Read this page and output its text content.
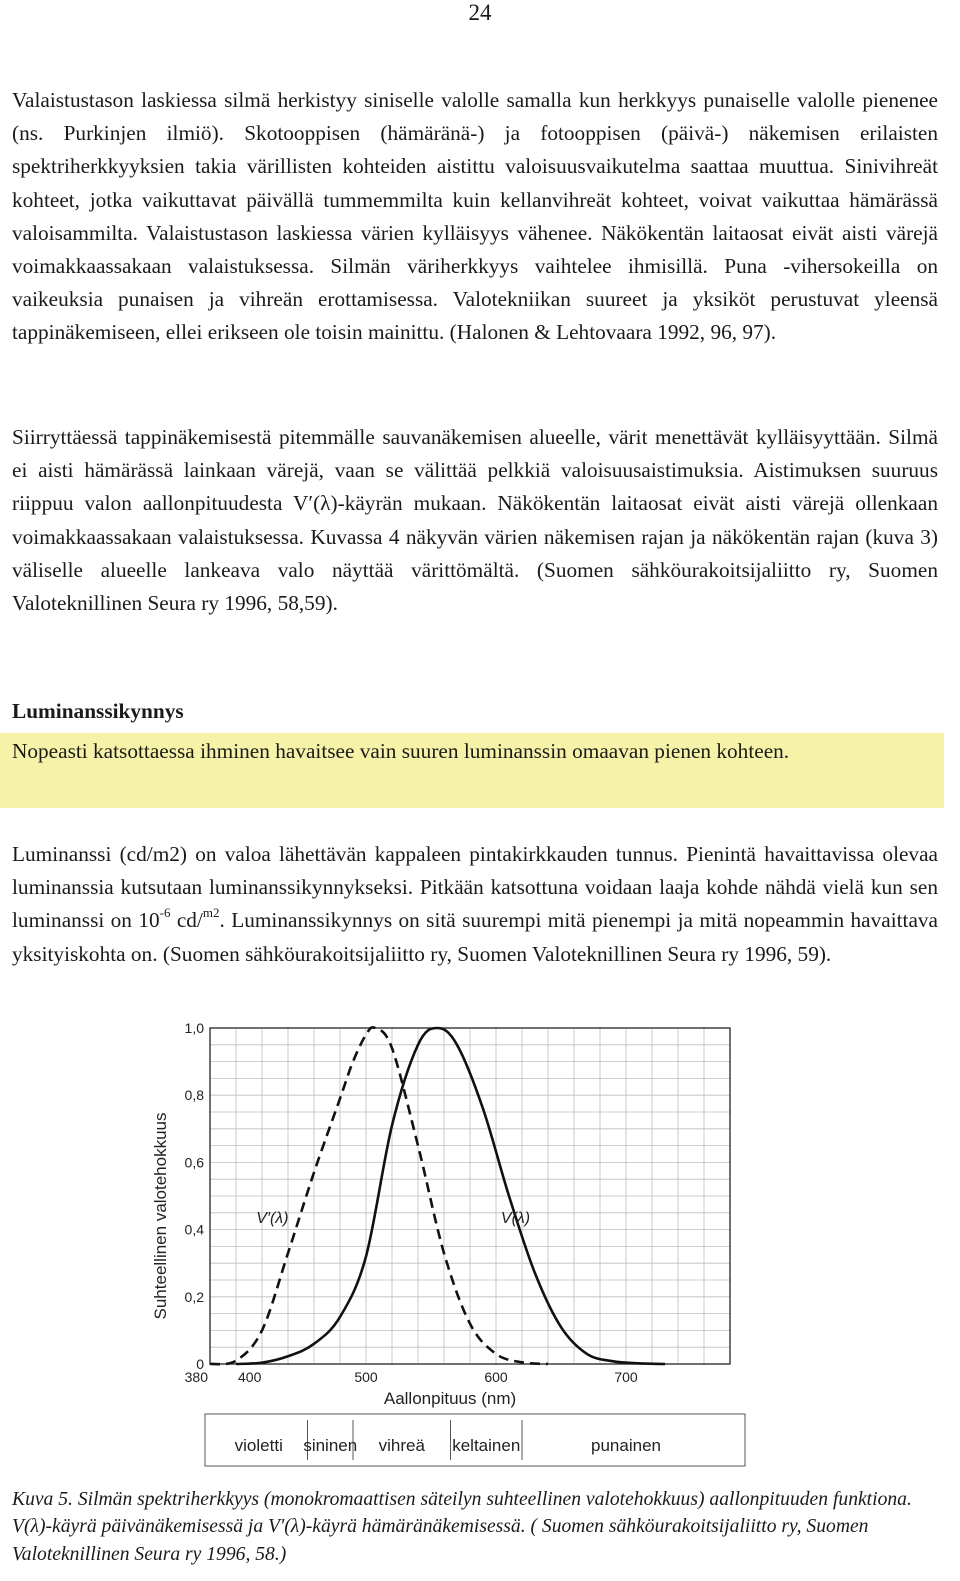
24

Valaistustason laskiessa silmä herkistyy siniselle valolle samalla kun herkkyys punaiselle valolle pienenee (ns. Purkinjen ilmiö). Skotooppisen (hämäränä-) ja fotooppisen (päivä-) näkemisen erilaisten spektriherkkyyksien takia värillisten kohteiden aistittu valoisuusvaikutelma saattaa muuttua. Sinivihreät kohteet, jotka vaikuttavat päivällä tummemmilta kuin kellanvihreät kohteet, voivat vaikuttaa hämärässä valoisammilta. Valaistustason laskiessa värien kylläisyys vähenee. Näkökentän laitaosat eivät aisti värejä voimakkaassakaan valaistuksessa. Silmän väriherkkyys vaihtelee ihmisillä. Puna -vihersokeilla on vaikeuksia punaisen ja vihreän erottamisessa. Valotekniikan suureet ja yksiköt perustuvat yleensä tappinäkemiseen, ellei erikseen ole toisin mainittu. (Halonen & Lehtovaara 1992, 96, 97).

Siirryttäessä tappinäkemisestä pitemmälle sauvanäkemisen alueelle, värit menettävät kylläisyyttään. Silmä ei aisti hämärässä lainkaan värejä, vaan se välittää pelkkiä valoisuusaistimuksia. Aistimuksen suuruus riippuu valon aallonpituudesta V′(λ)-käyrän mukaan. Näkökentän laitaosat eivät aisti värejä ollenkaan voimakkaassakaan valaistuksessa. Kuvassa 4 näkyvän värien näkemisen rajan ja näkökentän rajan (kuva 3) väliselle alueelle lankeava valo näyttää värittömältä. (Suomen sähköurakoitsijaliitto ry, Suomen Valoteknillinen Seura ry 1996, 58,59).

Luminanssikynnys

Nopeasti katsottaessa ihminen havaitsee vain suuren luminanssin omaavan pienen kohteen.

Luminanssi (cd/m2) on valoa lähettävän kappaleen pintakirkkauden tunnus. Pienintä havaittavissa olevaa luminanssia kutsutaan luminanssikynnykseksi. Pitkään katsottuna voidaan laaja kohde nähdä vielä kun sen luminanssi on $10^{-6}$ cd/$^{m2}$. Luminanssikynnys on sitä suurempi mitä pienempi ja mitä nopeammin havaittava yksityiskohta on. (Suomen sähköurakoitsijaliitto ry, Suomen Valoteknillinen Seura ry 1996, 59).

0
0,2
0,4
0,6
0,8
1,0
380 400	500	600	700
V′(λ)	V(λ)
Suhteellinen valotehokkuus
Aallonpituus (nm)
violetti sininen vihreä keltainen	punainen

Kuva 5. Silmän spektriherkkyys (monokromaattisen säteilyn suhteellinen valotehokkuus) aallonpituuden funktiona. V(λ)-käyrä päivänäkemisessä ja V'(λ)-käyrä hämäränäkemisessä. ( Suomen sähköurakoitsijaliitto ry, Suomen Valoteknillinen Seura ry 1996, 58.)
